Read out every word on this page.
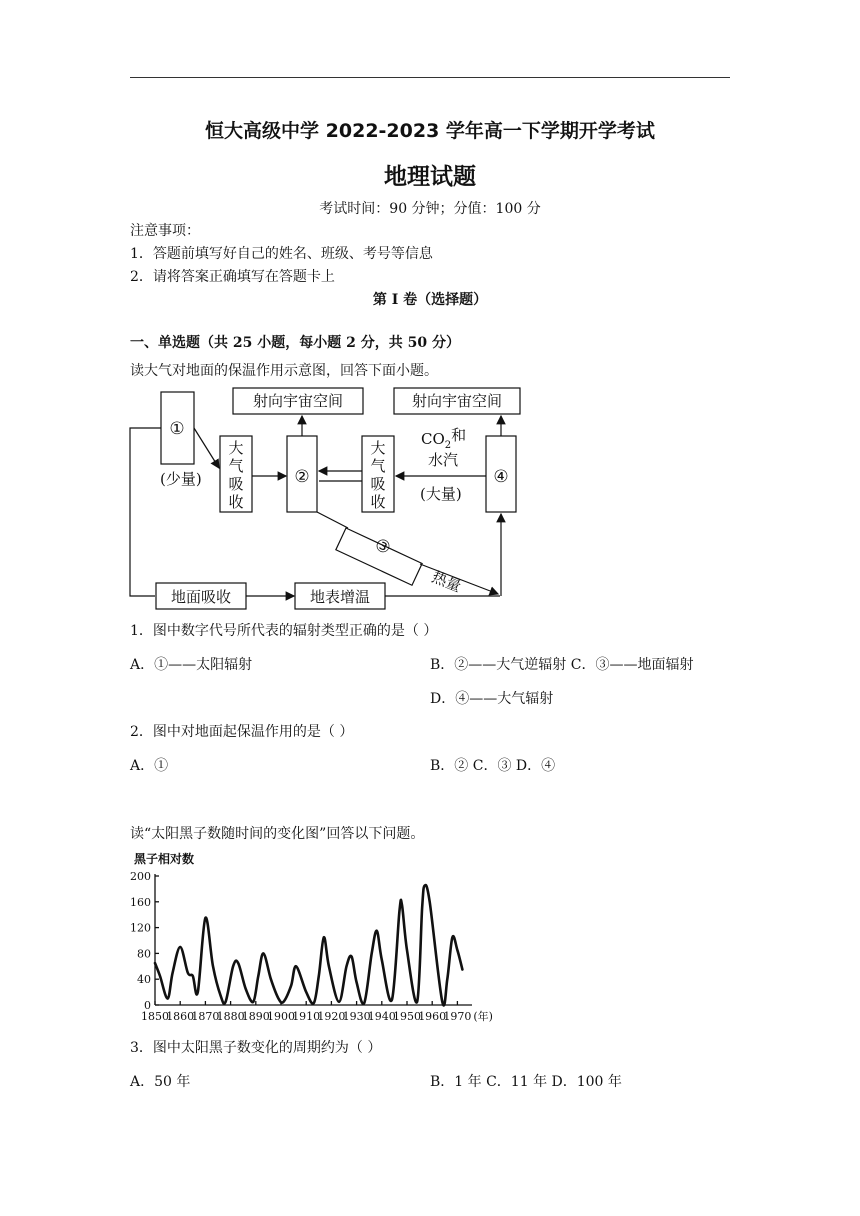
恒大高级中学 2022-2023 学年高一下学期开学考试
地理试题
考试时间：90 分钟；分值：100 分
注意事项：
1．答题前填写好自己的姓名、班级、考号等信息
2．请将答案正确填写在答题卡上
第 I 卷（选择题）
一、单选题（共 25 小题，每小题 2 分，共 50 分）
读大气对地面的保温作用示意图，回答下面小题。
射向宇宙空间	射向宇宙空间
①
②	④
③
大
气
吸
收
大
气
吸
收
(少量)
(大量)
$CO_2$和
水汽
热量
地面吸收	地表增温
1．图中数字代号所代表的辐射类型正确的是（ ）
A．①——太阳辐射	B．②——大气逆辐射 C．③——地面辐射
D．④——大气辐射
2．图中对地面起保温作用的是（ ）
A．①	B．② C．③ D．④
读“太阳黑子数随时间的变化图”回答以下问题。
黑子相对数
0
40
80
120
160
200
1850
1860
1870
1880
1890
1900
1910
1920
1930
1940
1950
1960
1970 (年)
3．图中太阳黑子数变化的周期约为（ ）
A．50 年	B．1 年 C．11 年 D．100 年
